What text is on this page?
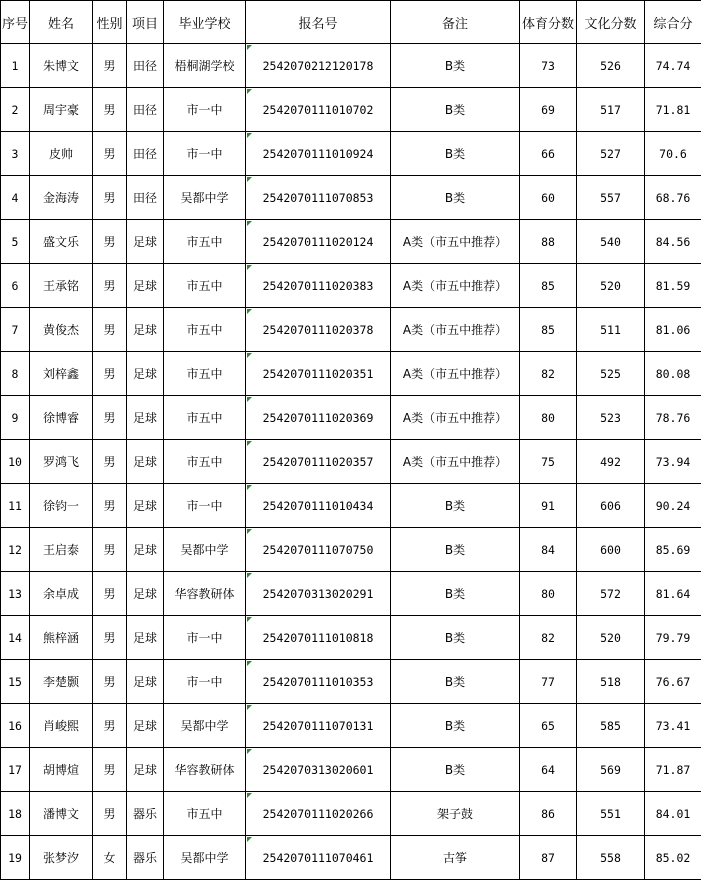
序号	姓名	性别	项目	毕业学校	报名号	备注	体育分数	文化分数	综合分
1	朱博文	男	田径	梧桐湖学校	2542070212120178	B类	73	526	74.74
2	周宇豪	男	田径	市一中	2542070111010702	B类	69	517	71.81
3	皮帅	男	田径	市一中	2542070111010924	B类	66	527	70.6
4	金海涛	男	田径	吴都中学	2542070111070853	B类	60	557	68.76
5	盛文乐	男	足球	市五中	2542070111020124	A类（市五中推荐）	88	540	84.56
6	王承铭	男	足球	市五中	2542070111020383	A类（市五中推荐）	85	520	81.59
7	黄俊杰	男	足球	市五中	2542070111020378	A类（市五中推荐）	85	511	81.06
8	刘梓鑫	男	足球	市五中	2542070111020351	A类（市五中推荐）	82	525	80.08
9	徐博睿	男	足球	市五中	2542070111020369	A类（市五中推荐）	80	523	78.76
10	罗鸿飞	男	足球	市五中	2542070111020357	A类（市五中推荐）	75	492	73.94
11	徐钧一	男	足球	市一中	2542070111010434	B类	91	606	90.24
12	王启泰	男	足球	吴都中学	2542070111070750	B类	84	600	85.69
13	余卓成	男	足球	华容教研体	2542070313020291	B类	80	572	81.64
14	熊梓涵	男	足球	市一中	2542070111010818	B类	82	520	79.79
15	李楚颢	男	足球	市一中	2542070111010353	B类	77	518	76.67
16	肖峻熙	男	足球	吴都中学	2542070111070131	B类	65	585	73.41
17	胡博煊	男	足球	华容教研体	2542070313020601	B类	64	569	71.87
18	潘博文	男	器乐	市五中	2542070111020266	架子鼓	86	551	84.01
19	张梦汐	女	器乐	吴都中学	2542070111070461	古筝	87	558	85.02
